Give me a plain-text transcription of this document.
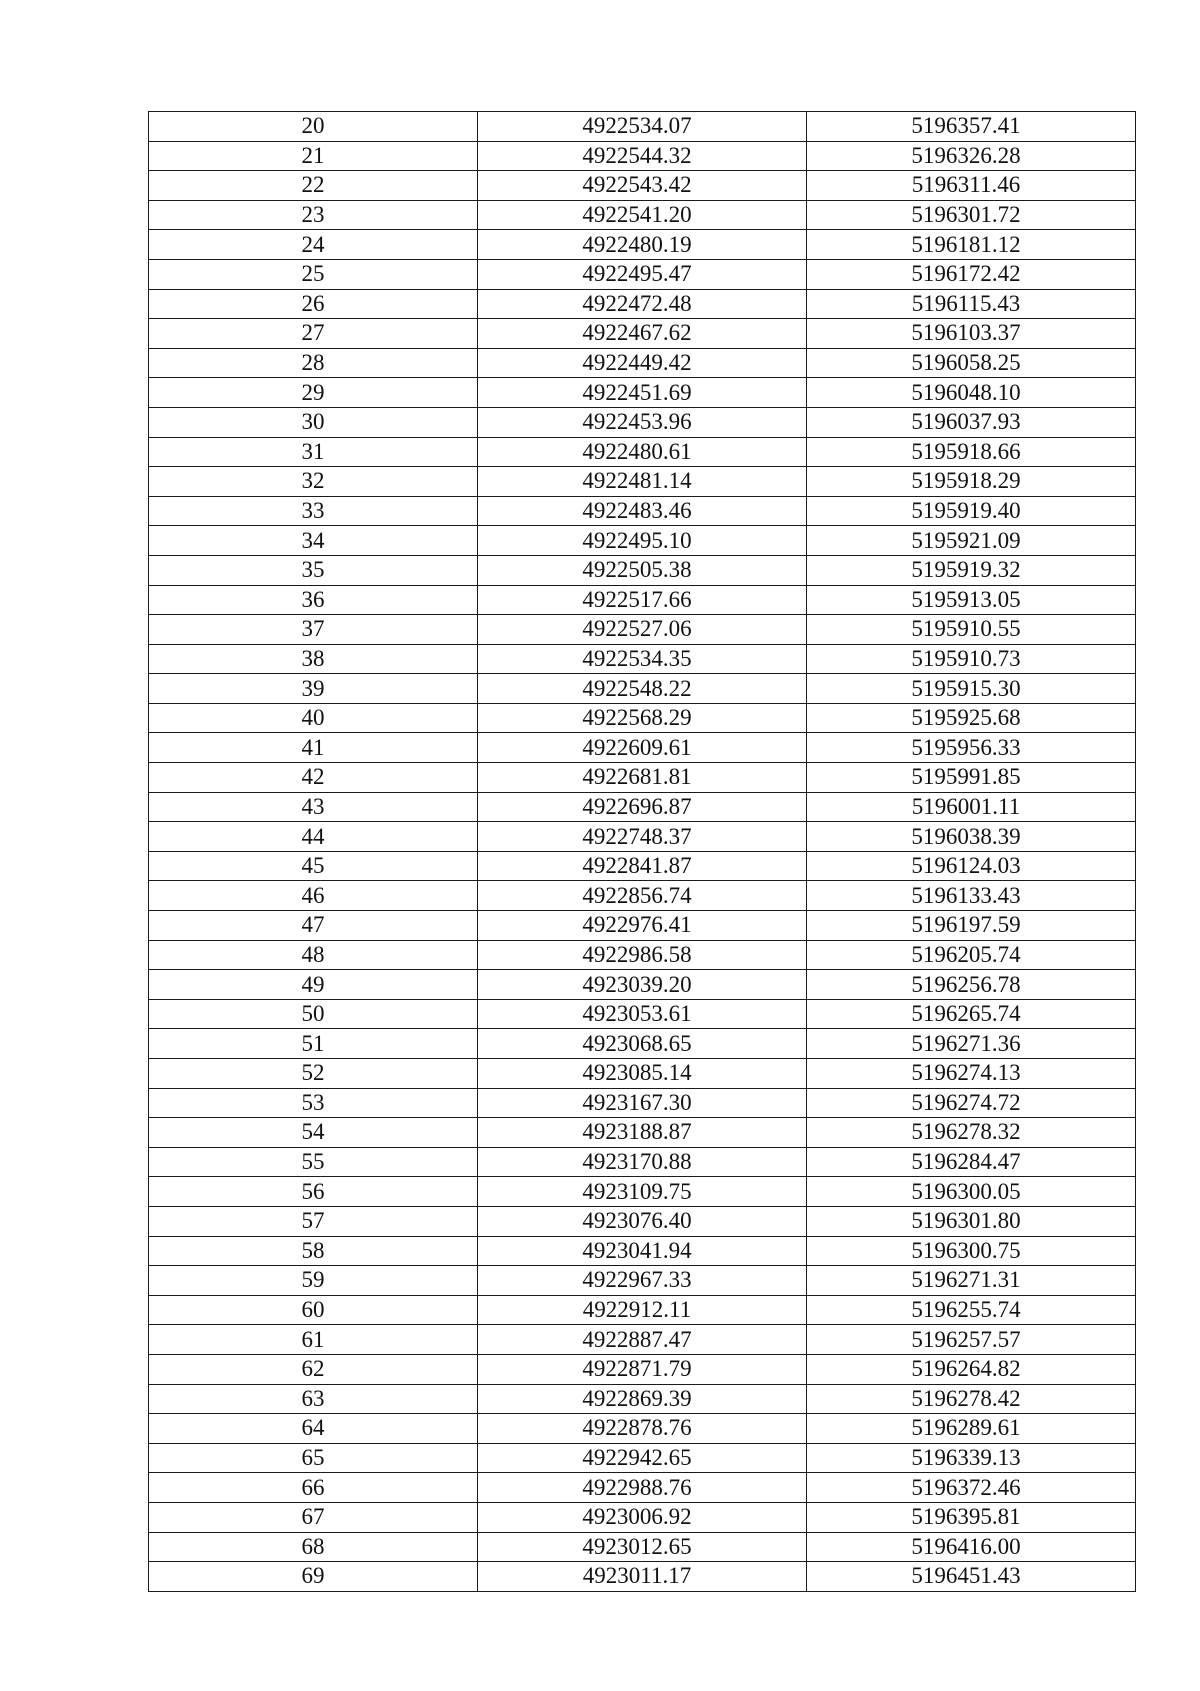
20	4922534.07	5196357.41
21	4922544.32	5196326.28
22	4922543.42	5196311.46
23	4922541.20	5196301.72
24	4922480.19	5196181.12
25	4922495.47	5196172.42
26	4922472.48	5196115.43
27	4922467.62	5196103.37
28	4922449.42	5196058.25
29	4922451.69	5196048.10
30	4922453.96	5196037.93
31	4922480.61	5195918.66
32	4922481.14	5195918.29
33	4922483.46	5195919.40
34	4922495.10	5195921.09
35	4922505.38	5195919.32
36	4922517.66	5195913.05
37	4922527.06	5195910.55
38	4922534.35	5195910.73
39	4922548.22	5195915.30
40	4922568.29	5195925.68
41	4922609.61	5195956.33
42	4922681.81	5195991.85
43	4922696.87	5196001.11
44	4922748.37	5196038.39
45	4922841.87	5196124.03
46	4922856.74	5196133.43
47	4922976.41	5196197.59
48	4922986.58	5196205.74
49	4923039.20	5196256.78
50	4923053.61	5196265.74
51	4923068.65	5196271.36
52	4923085.14	5196274.13
53	4923167.30	5196274.72
54	4923188.87	5196278.32
55	4923170.88	5196284.47
56	4923109.75	5196300.05
57	4923076.40	5196301.80
58	4923041.94	5196300.75
59	4922967.33	5196271.31
60	4922912.11	5196255.74
61	4922887.47	5196257.57
62	4922871.79	5196264.82
63	4922869.39	5196278.42
64	4922878.76	5196289.61
65	4922942.65	5196339.13
66	4922988.76	5196372.46
67	4923006.92	5196395.81
68	4923012.65	5196416.00
69	4923011.17	5196451.43
